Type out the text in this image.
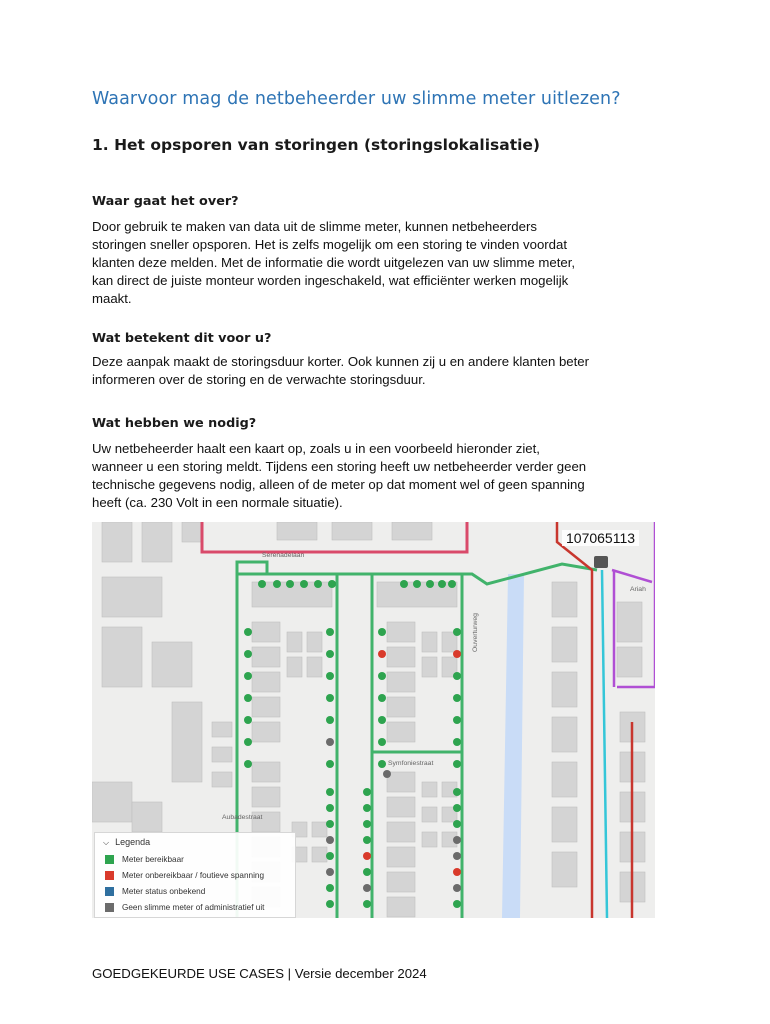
Waarvoor mag de netbeheerder uw slimme meter uitlezen?
1. Het opsporen van storingen (storingslokalisatie)
Waar gaat het over?
Door gebruik te maken van data uit de slimme meter, kunnen netbeheerders
storingen sneller opsporen. Het is zelfs mogelijk om een storing te vinden voordat
klanten deze melden. Met de informatie die wordt uitgelezen van uw slimme meter,
kan direct de juiste monteur worden ingeschakeld, wat efficiënter werken mogelijk
maakt.
Wat betekent dit voor u?
Deze aanpak maakt de storingsduur korter. Ook kunnen zij u en andere klanten beter
informeren over de storing en de verwachte storingsduur.
Wat hebben we nodig?
Uw netbeheerder haalt een kaart op, zoals u in een voorbeeld hieronder ziet,
wanneer u een storing meldt. Tijdens een storing heeft uw netbeheerder verder geen
technische gegevens nodig, alleen of de meter op dat moment wel of geen spanning
heeft (ca. 230 Volt in een normale situatie).
107065113
Serenadelaan
Symfoniestraat
Aubadestraat
Ouverturweg
Ariah
⌵ Legenda
Meter bereikbaar
Meter onbereikbaar / foutieve spanning
Meter status onbekend
Geen slimme meter of administratief uit
GOEDGEKEURDE USE CASES | Versie december 2024
